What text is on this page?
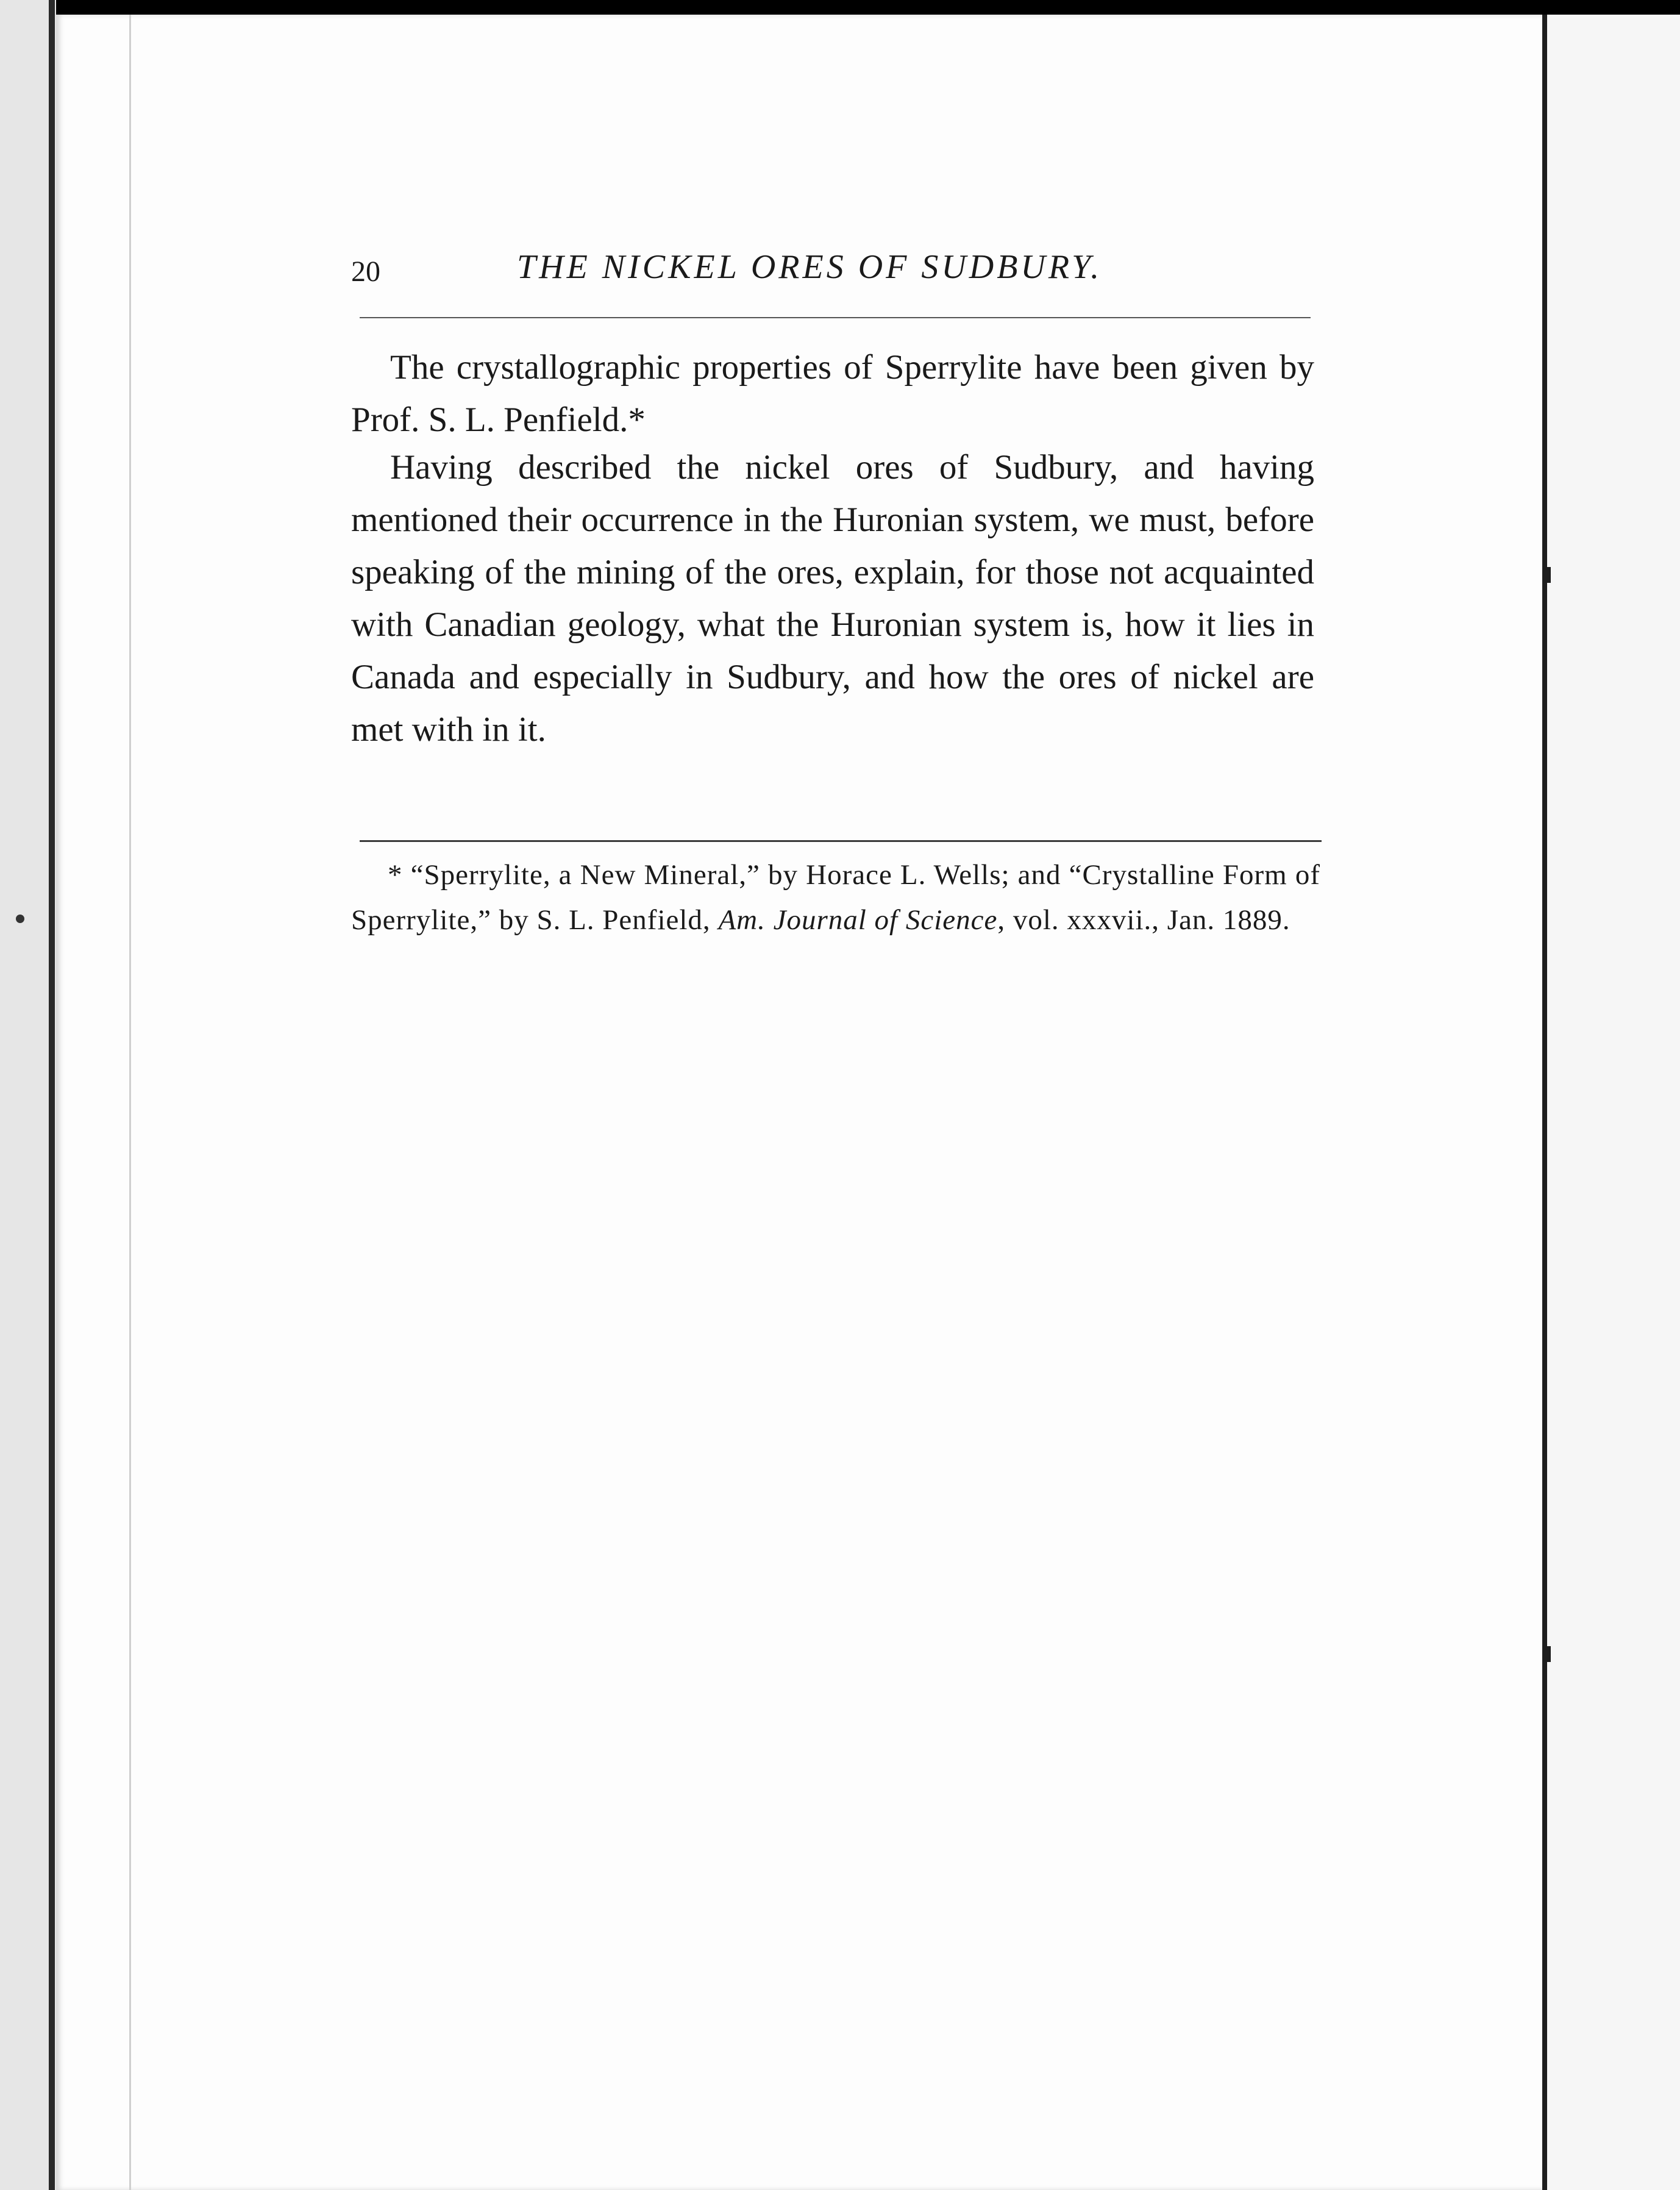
20	THE NICKEL ORES OF SUDBURY.

The crystallographic properties of Sperrylite have been given by Prof. S. L. Penfield.*

Having described the nickel ores of Sudbury, and having mentioned their occurrence in the Huronian system, we must, before speaking of the mining of the ores, explain, for those not acquainted with Canadian geology, what the Huronian system is, how it lies in Canada and especially in Sudbury, and how the ores of nickel are met with in it.

* “Sperrylite, a New Mineral,” by Horace L. Wells; and “Crystalline Form of Sperrylite,” by S. L. Penfield, Am. Journal of Science, vol. xxxvii., Jan. 1889.
